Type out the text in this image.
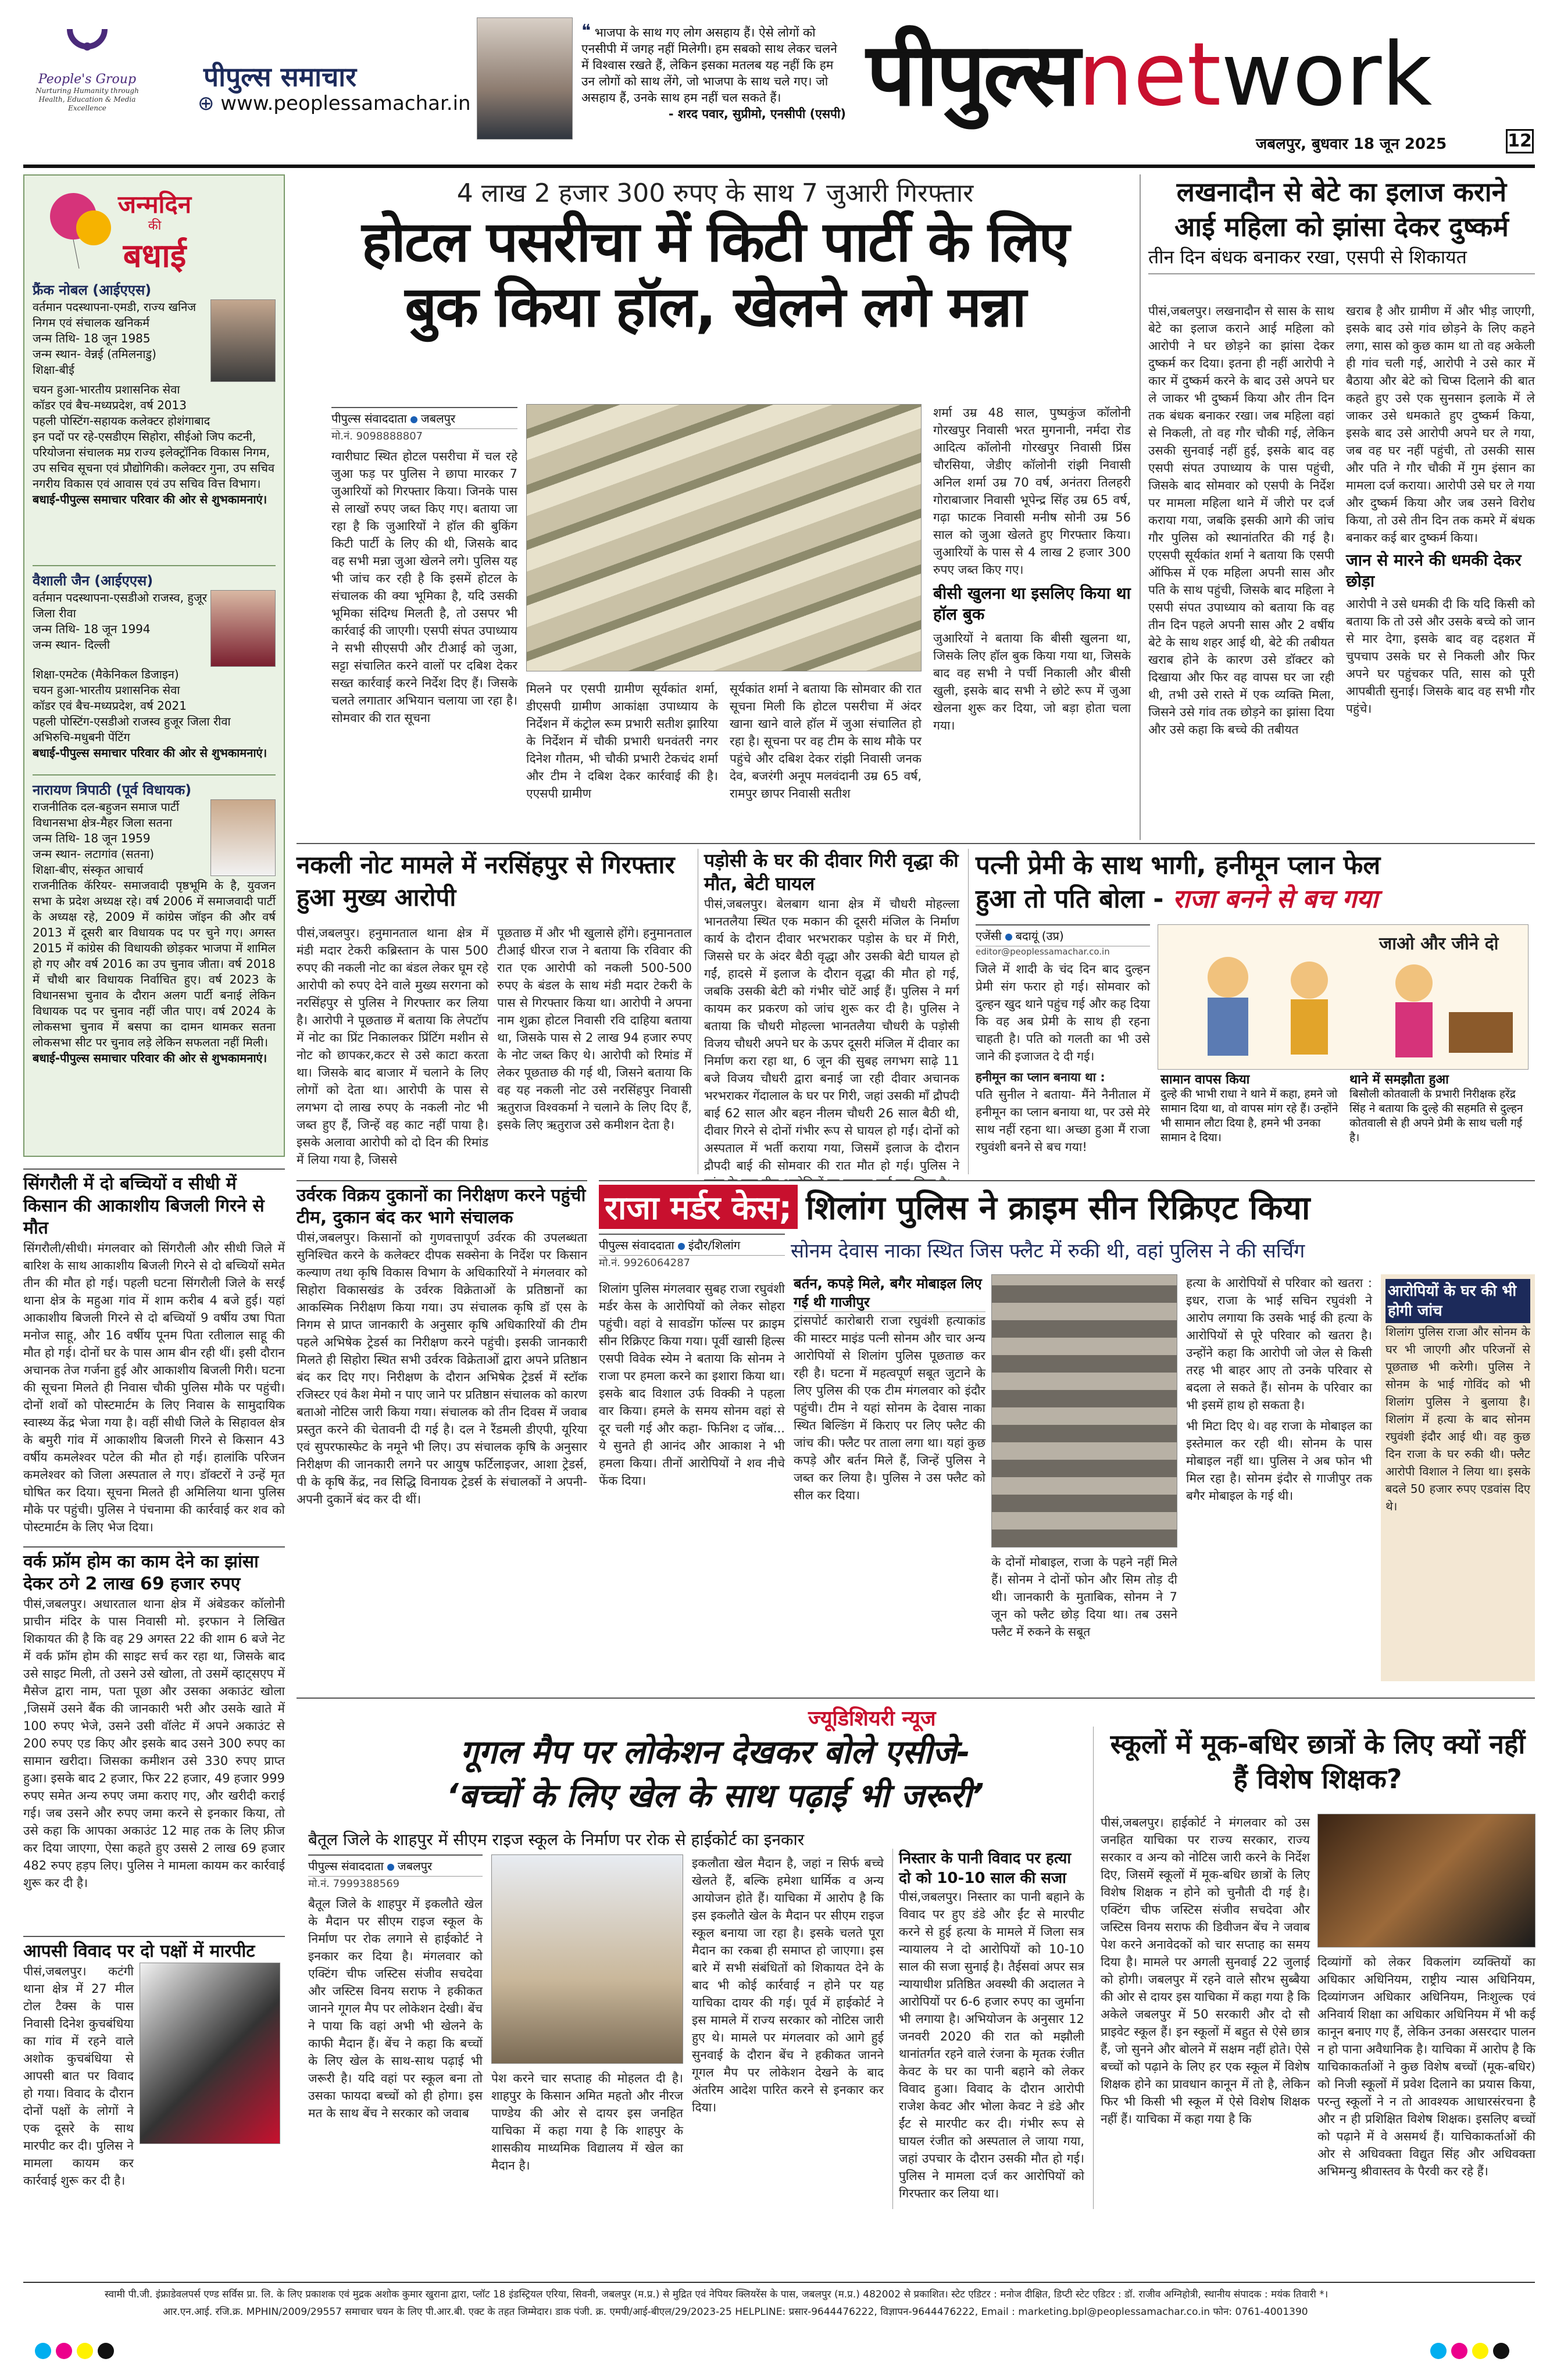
People's Group
Nurturing Humanity through Health, Education & Media Excellence
पीपुल्स समाचार
⊕ www.peoplessamachar.in
❝ भाजपा के साथ गए लोग असहाय हैं। ऐसे लोगों को एनसीपी में जगह नहीं मिलेगी। हम सबको साथ लेकर चलने में विश्वास रखते हैं, लेकिन इसका मतलब यह नहीं कि हम उन लोगों को साथ लेंगे, जो भाजपा के साथ चले गए। जो असहाय हैं, उनके साथ हम नहीं चल सकते हैं।
- शरद पवार, सुप्रीमो, एनसीपी (एसपी) पीपुल्सnetwork
जबलपुर, बुधवार 18 जून 2025	12
जन्मदिन
की
बधाई
फ्रैंक नोबल (आईएएस)
वर्तमान पदस्थापना-एमडी, राज्य खनिज निगम एवं संचालक खनिकर्म
जन्म तिथि- 18 जून 1985
जन्म स्थान- वेन्नई (तमिलनाडु)
शिक्षा-बीई
चयन हुआ-भारतीय प्रशासनिक सेवा
कॉडर एवं बैच-मध्यप्रदेश, वर्ष 2013
पहली पोस्टिंग-सहायक कलेक्टर होशंगाबाद
इन पदों पर रहे-एसडीएम सिहोरा, सीईओ जिप कटनी, परियोजना संचालक मप्र राज्य इलेक्ट्रॉनिक विकास निगम, उप सचिव सूचना एवं प्रौद्योगिकी। कलेक्टर गुना, उप सचिव नगरीय विकास एवं आवास एवं उप सचिव वित्त विभाग।
बधाई-पीपुल्स समाचार परिवार की ओर से शुभकामनाएं।
वैशाली जैन (आईएएस)
वर्तमान पदस्थापना-एसडीओ राजस्व, हुजूर जिला रीवा
जन्म तिथि- 18 जून 1994
जन्म स्थान- दिल्ली
शिक्षा-एमटेक (मैकेनिकल डिजाइन)
चयन हुआ-भारतीय प्रशासनिक सेवा
कॉडर एवं बैच-मध्यप्रदेश, वर्ष 2021
पहली पोस्टिंग-एसडीओ राजस्व हुजूर जिला रीवा
अभिरुचि-मधुबनी पेंटिंग
बधाई-पीपुल्स समाचार परिवार की ओर से शुभकामनाएं।
नारायण त्रिपाठी (पूर्व विधायक)
राजनीतिक दल-बहुजन समाज पार्टी
विधानसभा क्षेत्र-मैहर जिला सतना
जन्म तिथि- 18 जून 1959
जन्म स्थान- लटागांव (सतना)
शिक्षा-बीए, संस्कृत आचार्य
राजनीतिक कॅरियर- समाजवादी पृष्ठभूमि के है, युवजन सभा के प्रदेश अध्यक्ष रहे। वर्ष 2006 में समाजवादी पार्टी के अध्यक्ष रहे, 2009 में कांग्रेस जॉइन की और वर्ष 2013 में दूसरी बार विधायक पद पर चुने गए। अगस्त 2015 में कांग्रेस की विधायकी छोड़कर भाजपा में शामिल हो गए और वर्ष 2016 का उप चुनाव जीता। वर्ष 2018 में चौथी बार विधायक निर्वाचित हुए। वर्ष 2023 के विधानसभा चुनाव के दौरान अलग पार्टी बनाई लेकिन विधायक पद पर चुनाव नहीं जीत पाए। वर्ष 2024 के लोकसभा चुनाव में बसपा का दामन थामकर सतना लोकसभा सीट पर चुनाव लड़े लेकिन सफलता नहीं मिली।
बधाई-पीपुल्स समाचार परिवार की ओर से शुभकामनाएं।
4 लाख 2 हजार 300 रुपए के साथ 7 जुआरी गिरफ्तार
होटल पसरीचा में किटी पार्टी के लिए
बुक किया हॉल, खेलने लगे मन्ना
पीपुल्स संवाददाता जबलपुर
मो.नं. 9098888807
ग्वारीघाट स्थित होटल पसरीचा में चल रहे जुआ फड़ पर पुलिस ने छापा मारकर 7 जुआरियों को गिरफ्तार किया। जिनके पास से लाखों रुपए जब्त किए गए। बताया जा रहा है कि जुआरियों ने हॉल की बुकिंग किटी पार्टी के लिए की थी, जिसके बाद वह सभी मन्ना जुआ खेलने लगे। पुलिस यह भी जांच कर रही है कि इसमें होटल के संचालक की क्या भूमिका है, यदि उसकी भूमिका संदिग्ध मिलती है, तो उसपर भी कार्रवाई की जाएगी। एसपी संपत उपाध्याय ने सभी सीएसपी और टीआई को जुआ, सट्टा संचालित करने वालों पर दबिश देकर सख्त कार्रवाई करने निर्देश दिए हैं। जिसके चलते लगातार अभियान चलाया जा रहा है। सोमवार की रात सूचना
मिलने पर एसपी ग्रामीण सूर्यकांत शर्मा, डीएसपी ग्रामीण आकांक्षा उपाध्याय के निर्देशन में कंट्रोल रूम प्रभारी सतीश झारिया के निर्देशन में चौकी प्रभारी धनवंतरी नगर दिनेश गौतम, भी चौकी प्रभारी टेकचंद शर्मा और टीम ने दबिश देकर कार्रवाई की है। एएसपी ग्रामीण
सूर्यकांत शर्मा ने बताया कि सोमवार की रात सूचना मिली कि होटल पसरीचा में अंदर खाना खाने वाले हॉल में जुआ संचालित हो रहा है। सूचना पर वह टीम के साथ मौके पर पहुंचे और दबिश देकर रांझी निवासी जनक देव, बजरंगी अनूप मलवंदानी उम्र 65 वर्ष, रामपुर छापर निवासी सतीश

शर्मा उम्र 48 साल, पुष्पकुंज कॉलोनी गोरखपुर निवासी भरत मुगनानी, नर्मदा रोड आदित्य कॉलोनी गोरखपुर निवासी प्रिंस चौरसिया, जेडीए कॉलोनी रांझी निवासी अनिल शर्मा उम्र 70 वर्ष, अनंतरा तिलहरी गोराबाजार निवासी भूपेन्द्र सिंह उम्र 65 वर्ष, गढ़ा फाटक निवासी मनीष सोनी उम्र 56 साल को जुआ खेलते हुए गिरफ्तार किया। जुआरियों के पास से 4 लाख 2 हजार 300 रुपए जब्त किए गए।

बीसी खुलना था इसलिए किया था हॉल बुक

जुआरियों ने बताया कि बीसी खुलना था, जिसके लिए हॉल बुक किया गया था, जिसके बाद वह सभी ने पर्ची निकाली और बीसी खुली, इसके बाद सभी ने छोटे रूप में जुआ खेलना शुरू कर दिया, जो बड़ा होता चला गया।

लखनादौन से बेटे का इलाज कराने
आई महिला को झांसा देकर दुष्कर्म
तीन दिन बंधक बनाकर रखा, एसपी से शिकायत
पीसं,जबलपुर। लखनादौन से सास के साथ बेटे का इलाज कराने आई महिला को आरोपी ने घर छोड़ने का झांसा देकर दुष्कर्म कर दिया। इतना ही नहीं आरोपी ने कार में दुष्कर्म करने के बाद उसे अपने घर ले जाकर भी दुष्कर्म किया और तीन दिन तक बंधक बनाकर रखा। जब महिला वहां से निकली, तो वह गौर चौकी गई, लेकिन उसकी सुनवाई नहीं हुई, इसके बाद वह एसपी संपत उपाध्याय के पास पहुंची, जिसके बाद सोमवार को एसपी के निर्देश पर मामला महिला थाने में जीरो पर दर्ज कराया गया, जबकि इसकी आगे की जांच गौर पुलिस को स्थानांतरित की गई है। एएसपी सूर्यकांत शर्मा ने बताया कि एसपी ऑफिस में एक महिला अपनी सास और पति के साथ पहुंची, जिसके बाद महिला ने एसपी संपत उपाध्याय को बताया कि वह तीन दिन पहले अपनी सास और 2 वर्षीय बेटे के साथ शहर आई थी, बेटे की तबीयत खराब होने के कारण उसे डॉक्टर को दिखाया और फिर वह वापस घर जा रही थी, तभी उसे रास्ते में एक व्यक्ति मिला, जिसने उसे गांव तक छोड़ने का झांसा दिया और उसे कहा कि बच्चे की तबीयत

खराब है और ग्रामीण में और भीड़ जाएगी, इसके बाद उसे गांव छोड़ने के लिए कहने लगा, सास को कुछ काम था तो वह अकेली ही गांव चली गई, आरोपी ने उसे कार में बैठाया और बेटे को चिप्स दिलाने की बात कहते हुए उसे एक सुनसान इलाके में ले जाकर उसे धमकाते हुए दुष्कर्म किया, इसके बाद उसे आरोपी अपने घर ले गया, जब वह घर नहीं पहुंची, तो उसकी सास और पति ने गौर चौकी में गुम इंसान का मामला दर्ज कराया। आरोपी उसे घर ले गया और दुष्कर्म किया और जब उसने विरोध किया, तो उसे तीन दिन तक कमरे में बंधक बनाकर कई बार दुष्कर्म किया।

जान से मारने की धमकी देकर छोड़ा

आरोपी ने उसे धमकी दी कि यदि किसी को बताया कि तो उसे और उसके बच्चे को जान से मार देगा, इसके बाद वह दहशत में चुपचाप उसके घर से निकली और फिर अपने घर पहुंचकर पति, सास को पूरी आपबीती सुनाई। जिसके बाद वह सभी गौर पहुंचे।

नकली नोट मामले में नरसिंहपुर से गिरफ्तार हुआ मुख्य आरोपी
पीसं,जबलपुर। हनुमानताल थाना क्षेत्र में मंडी मदार टेकरी कब्रिस्तान के पास 500 रुपए की नकली नोट का बंडल लेकर घूम रहे आरोपी को रुपए देने वाले मुख्य सरगना को नरसिंहपुर से पुलिस ने गिरफ्तार कर लिया है। आरोपी ने पूछताछ में बताया कि लेपटॉप में नोट का प्रिंट निकालकर प्रिंटिंग मशीन से नोट को छापकर,कटर से उसे काटा करता था। जिसके बाद बाजार में चलाने के लिए लोगों को देता था। आरोपी के पास से लगभग दो लाख रुपए के नकली नोट भी जब्त हुए हैं, जिन्हें वह काट नहीं पाया है। इसके अलावा आरोपी को दो दिन की रिमांड में लिया गया है, जिससे
पूछताछ में और भी खुलासे होंगे। हनुमानताल टीआई धीरज राज ने बताया कि रविवार की रात एक आरोपी को नकली 500-500 रुपए के बंडल के साथ मंडी मदार टेकरी के पास से गिरफ्तार किया था। आरोपी ने अपना नाम शुक्रा होटल निवासी रवि दाहिया बताया था, जिसके पास से 2 लाख 94 हजार रुपए के नोट जब्त किए थे। आरोपी को रिमांड में लेकर पूछताछ की गई थी, जिसने बताया कि वह यह नकली नोट उसे नरसिंहपुर निवासी ऋतुराज विश्वकर्मा ने चलाने के लिए दिए हैं, इसके लिए ऋतुराज उसे कमीशन देता है।
पड़ोसी के घर की दीवार गिरी वृद्धा की मौत, बेटी घायल
पीसं,जबलपुर। बेलबाग थाना क्षेत्र में चौधरी मोहल्ला भानतलैया स्थित एक मकान की दूसरी मंजिल के निर्माण कार्य के दौरान दीवार भरभराकर पड़ोस के घर में गिरी, जिससे घर के अंदर बैठी वृद्धा और उसकी बेटी घायल हो गईं, हादसे में इलाज के दौरान वृद्धा की मौत हो गई, जबकि उसकी बेटी को गंभीर चोटें आई हैं। पुलिस ने मर्ग कायम कर प्रकरण को जांच शुरू कर दी है। पुलिस ने बताया कि चौधरी मोहल्ला भानतलैया चौधरी के पड़ोसी विजय चौधरी अपने घर के ऊपर दूसरी मंजिल में दीवार का निर्माण करा रहा था, 6 जून की सुबह लगभग साढ़े 11 बजे विजय चौधरी द्वारा बनाई जा रही दीवार अचानक भरभराकर गेंदालाल के घर पर गिरी, जहां उसकी माँ द्रौपदी बाई 62 साल और बहन नीलम चौधरी 26 साल बैठी थी, दीवार गिरने से दोनों गंभीर रूप से घायल हो गईं। दोनों को अस्पताल में भर्ती कराया गया, जिसमें इलाज के दौरान द्रौपदी बाई की सोमवार की रात मौत हो गई। पुलिस ने
पत्नी प्रेमी के साथ भागी, हनीमून प्लान फेल
हुआ तो पति बोला - राजा बनने से बच गया
एजेंसी बदायूं (उप्र)
editor@peoplessamachar.co.in

जिले में शादी के चंद दिन बाद दुल्हन प्रेमी संग फरार हो गई। सोमवार को दुल्हन खुद थाने पहुंच गई और कह दिया कि वह अब प्रेमी के साथ ही रहना चाहती है। पति को गलती का भी उसे जाने की इजाजत दे दी गई।

हनीमून का प्लान बनाया था :

पति सुनील ने बताया- मैंने नैनीताल में हनीमून का प्लान बनाया था, पर उसे मेरे साथ नहीं रहना था। अच्छा हुआ मैं राजा रघुवंशी बनने से बच गया!

जाओ और जीने दो
सामान वापस किया
दुल्हे की भाभी राधा ने थाने में कहा, हमने जो सामान दिया था, वो वापस मांग रहे हैं। उन्होंने भी सामान लौटा दिया है, हमने भी उनका सामान दे दिया।
थाने में समझौता हुआ
बिसौली कोतवाली के प्रभारी निरीक्षक हरेंद्र सिंह ने बताया कि दुल्हे की सहमति से दुल्हन कोतवाली से ही अपने प्रेमी के साथ चली गई है।
सिंगरौली में दो बच्चियों व सीधी में किसान की आकाशीय बिजली गिरने से मौत
सिंगरौली/सीधी। मंगलवार को सिंगरौली और सीधी जिले में बारिश के साथ आकाशीय बिजली गिरने से दो बच्चियों समेत तीन की मौत हो गई। पहली घटना सिंगरौली जिले के सरई थाना क्षेत्र के महुआ गांव में शाम करीब 4 बजे हुई। यहां आकाशीय बिजली गिरने से दो बच्चियों 9 वर्षीय उषा पिता मनोज साहू, और 16 वर्षीय पूनम पिता रतीलाल साहू की मौत हो गई। दोनों घर के पास आम बीन रही थीं। इसी दौरान अचानक तेज गर्जना हुई और आकाशीय बिजली गिरी। घटना की सूचना मिलते ही निवास चौकी पुलिस मौके पर पहुंची। दोनों शवों को पोस्टमार्टम के लिए निवास के सामुदायिक स्वास्थ्य केंद्र भेजा गया है। वहीं सीधी जिले के सिहावल क्षेत्र के बमुरी गांव में आकाशीय बिजली गिरने से किसान 43 वर्षीय कमलेश्वर पटेल की मौत हो गई। हालांकि परिजन कमलेश्वर को जिला अस्पताल ले गए। डॉक्टरों ने उन्हें मृत घोषित कर दिया। सूचना मिलते ही अमिलिया थाना पुलिस मौके पर पहुंची। पुलिस ने पंचनामा की कार्रवाई कर शव को पोस्टमार्टम के लिए भेज दिया।
वर्क फ्रॉम होम का काम देने का झांसा देकर ठगे 2 लाख 69 हजार रुपए
पीसं,जबलपुर। अधारताल थाना क्षेत्र में अंबेडकर कॉलोनी प्राचीन मंदिर के पास निवासी मो. इरफान ने लिखित शिकायत की है कि वह 29 अगस्त 22 की शाम 6 बजे नेट में वर्क फ्रॉम होम की साइट सर्च कर रहा था, जिसके बाद उसे साइट मिली, तो उसने उसे खोला, तो उसमें व्हाट्सएप में मैसेज द्वारा नाम, पता पूछा और उसका अकाउंट खोला ,जिसमें उसने बैंक की जानकारी भरी और उसके खाते में 100 रुपए भेजे, उसने उसी वॉलेट में अपने अकाउंट से 200 रुपए एड किए और इसके बाद उसने 300 रुपए का सामान खरीदा। जिसका कमीशन उसे 330 रुपए प्राप्त हुआ। इसके बाद 2 हजार, फिर 22 हजार, 49 हजार 999 रुपए समेत अन्य रुपए जमा कराए गए, और खरीदी कराई गई। जब उसने और रुपए जमा करने से इनकार किया, तो उसे कहा कि आपका अकाउंट 12 माह तक के लिए फ्रीज कर दिया जाएगा, ऐसा कहते हुए उससे 2 लाख 69 हजार 482 रुपए हड़प लिए। पुलिस ने मामला कायम कर कार्रवाई शुरू कर दी है।
आपसी विवाद पर दो पक्षों में मारपीट
पीसं,जबलपुर। कटंगी थाना क्षेत्र में 27 मील टोल टैक्स के पास निवासी दिनेश कुचबंधिया का गांव में रहने वाले अशोक कुचबंधिया से आपसी बात पर विवाद हो गया। विवाद के दौरान दोनों पक्षों के लोगों ने एक दूसरे के साथ मारपीट कर दी। पुलिस ने मामला कायम कर कार्रवाई शुरू कर दी है।
उर्वरक विक्रय दुकानों का निरीक्षण करने पहुंची टीम, दुकान बंद कर भागे संचालक
पीसं,जबलपुर। किसानों को गुणवत्तापूर्ण उर्वरक की उपलब्धता सुनिश्चित करने के कलेक्टर दीपक सक्सेना के निर्देश पर किसान कल्याण तथा कृषि विकास विभाग के अधिकारियों ने मंगलवार को सिहोरा विकासखंड के उर्वरक विक्रेताओं के प्रतिष्ठानों का आकस्मिक निरीक्षण किया गया। उप संचालक कृषि डॉ एस के निगम से प्राप्त जानकारी के अनुसार कृषि अधिकारियों की टीम पहले अभिषेक ट्रेडर्स का निरीक्षण करने पहुंची। इसकी जानकारी मिलते ही सिहोरा स्थित सभी उर्वरक विक्रेताओं द्वारा अपने प्रतिष्ठान बंद कर दिए गए। निरीक्षण के दौरान अभिषेक ट्रेडर्स में स्टॉक रजिस्टर एवं कैश मेमो न पाए जाने पर प्रतिष्ठान संचालक को कारण बताओ नोटिस जारी किया गया। संचालक को तीन दिवस में जवाब प्रस्तुत करने की चेतावनी दी गई है। दल ने रैंडमली डीएपी, यूरिया एवं सुपरफास्फेट के नमूने भी लिए। उप संचालक कृषि के अनुसार निरीक्षण की जानकारी लगने पर आयुष फर्टिलाइजर, आशा ट्रेडर्स, पी के कृषि केंद्र, नव सिद्धि विनायक ट्रेडर्स के संचालकों ने अपनी-अपनी दुकानें बंद कर दी थीं।
राजा मर्डर केस; शिलांग पुलिस ने क्राइम सीन रिक्रिएट किया
पीपुल्स संवाददाता इंदौर/शिलांग
मो.नं. 9926064287
सोनम देवास नाका स्थित जिस फ्लैट में रुकी थी, वहां पुलिस ने की सर्चिंग
शिलांग पुलिस मंगलवार सुबह राजा रघुवंशी मर्डर केस के आरोपियों को लेकर सोहरा पहुंची। वहां वे सावडोंग फॉल्स पर क्राइम सीन रिक्रिएट किया गया। पूर्वी खासी हिल्स एसपी विवेक स्येम ने बताया कि सोनम ने राजा पर हमला करने का इशारा किया था। इसके बाद विशाल उर्फ विक्की ने पहला वार किया। हमले के समय सोनम वहां से दूर चली गई और कहा- फिनिश द जॉब... ये सुनते ही आनंद और आकाश ने भी हमला किया। तीनों आरोपियों ने शव नीचे फेंक दिया।
बर्तन, कपड़े मिले, बगैर मोबाइल लिए गई थी गाजीपुर
ट्रांसपोर्ट कारोबारी राजा रघुवंशी हत्याकांड की मास्टर माइंड पत्नी सोनम और चार अन्य आरोपियों से शिलांग पुलिस पूछताछ कर रही है। घटना में महत्वपूर्ण सबूत जुटाने के लिए पुलिस की एक टीम मंगलवार को इंदौर पहुंची। टीम ने यहां सोनम के देवास नाका स्थित बिल्डिंग में किराए पर लिए फ्लैट की जांच की। फ्लैट पर ताला लगा था। यहां कुछ कपड़े और बर्तन मिले हैं, जिन्हें पुलिस ने जब्त कर लिया है। पुलिस ने उस फ्लैट को सील कर दिया।
के दोनों मोबाइल, राजा के पहने नहीं मिले हैं। सोनम ने दोनों फोन और सिम तोड़ दी थी। जानकारी के मुताबिक, सोनम ने 7 जून को फ्लैट छोड़ दिया था। तब उसने फ्लैट में रुकने के सबूत

हत्या के आरोपियों से परिवार को खतरा : इधर, राजा के भाई सचिन रघुवंशी ने आरोप लगाया कि उसके भाई की हत्या के आरोपियों से पूरे परिवार को खतरा है। उन्होंने कहा कि आरोपी जो जेल से किसी तरह भी बाहर आए तो उनके परिवार से बदला ले सकते हैं। सोनम के परिवार का भी इसमें हाथ हो सकता है।

भी मिटा दिए थे। वह राजा के मोबाइल का इस्तेमाल कर रही थी। सोनम के पास मोबाइल नहीं था। पुलिस ने अब फोन भी मिल रहा है। सोनम इंदौर से गाजीपुर तक बगैर मोबाइल के गई थी।

आरोपियों के घर की भी होगी जांच
शिलांग पुलिस राजा और सोनम के घर भी जाएगी और परिजनों से पूछताछ भी करेगी। पुलिस ने सोनम के भाई गोविंद को भी शिलांग पुलिस ने बुलाया है। शिलांग में हत्या के बाद सोनम रघुवंशी इंदौर आई थी। वह कुछ दिन राजा के घर रुकी थी। फ्लैट आरोपी विशाल ने लिया था। इसके बदले 50 हजार रुपए एडवांस दिए थे।
ज्यूडिशियरी न्यूज
गूगल मैप पर लोकेशन देखकर बोले एसीजे-
‘बच्चों के लिए खेल के साथ पढ़ाई भी जरूरी’
बैतूल जिले के शाहपुर में सीएम राइज स्कूल के निर्माण पर रोक से हाईकोर्ट का इनकार
पीपुल्स संवाददाता जबलपुर
मो.नं. 7999388569
बैतूल जिले के शाहपुर में इकलौते खेल के मैदान पर सीएम राइज स्कूल के निर्माण पर रोक लगाने से हाईकोर्ट ने इनकार कर दिया है। मंगलवार को एक्टिंग चीफ जस्टिस संजीव सचदेवा और जस्टिस विनय सराफ ने हकीकत जानने गूगल मैप पर लोकेशन देखी। बेंच ने पाया कि वहां अभी भी खेलने के काफी मैदान हैं। बेंच ने कहा कि बच्चों के लिए खेल के साथ-साथ पढ़ाई भी जरूरी है। यदि वहां पर स्कूल बना तो उसका फायदा बच्चों को ही होगा। इस मत के साथ बेंच ने सरकार को जवाब
पेश करने चार सप्ताह की मोहलत दी है। शाहपुर के किसान अमित महतो और नीरज पाण्डेय की ओर से दायर इस जनहित याचिका में कहा गया है कि शाहपुर के शासकीय माध्यमिक विद्यालय में खेल का मैदान है।
इकलौता खेल मैदान है, जहां न सिर्फ बच्चे खेलते हैं, बल्कि हमेशा धार्मिक व अन्य आयोजन होते हैं। याचिका में आरोप है कि इस इकलौते खेल के मैदान पर सीएम राइज स्कूल बनाया जा रहा है। इसके चलते पूरा मैदान का रकबा ही समाप्त हो जाएगा। इस बारे में सभी संबंधितों को शिकायत देने के बाद भी कोई कार्रवाई न होने पर यह याचिका दायर की गई। पूर्व में हाईकोर्ट ने इस मामले में राज्य सरकार को नोटिस जारी हुए थे। मामले पर मंगलवार को आगे हुई सुनवाई के दौरान बेंच ने हकीकत जानने गूगल मैप पर लोकेशन देखने के बाद अंतरिम आदेश पारित करने से इनकार कर दिया।
निस्तार के पानी विवाद पर हत्या दो को 10-10 साल की सजा
पीसं,जबलपुर। निस्तार का पानी बहाने के विवाद पर हुए डंडे और ईंट से मारपीट करने से हुई हत्या के मामले में जिला सत्र न्यायालय ने दो आरोपियों को 10-10 साल की सजा सुनाई है। तैईसवां अपर सत्र न्यायाधीश प्रतिष्ठित अवस्थी की अदालत ने आरोपियों पर 6-6 हजार रुपए का जुर्माना भी लगाया है। अभियोजन के अनुसार 12 जनवरी 2020 की रात को मझौली थानांतर्गत रहने वाले रंजना के मृतक रंजीत केवट के घर का पानी बहाने को लेकर विवाद हुआ। विवाद के दौरान आरोपी राजेश केवट और भोला केवट ने डंडे और ईंट से मारपीट कर दी। गंभीर रूप से घायल रंजीत को अस्पताल ले जाया गया, जहां उपचार के दौरान उसकी मौत हो गई। पुलिस ने मामला दर्ज कर आरोपियों को गिरफ्तार कर लिया था।
स्कूलों में मूक-बधिर छात्रों के लिए क्यों नहीं हैं विशेष शिक्षक?
पीसं,जबलपुर। हाईकोर्ट ने मंगलवार को उस जनहित याचिका पर राज्य सरकार, राज्य सरकार व अन्य को नोटिस जारी करने के निर्देश दिए, जिसमें स्कूलों में मूक-बधिर छात्रों के लिए विशेष शिक्षक न होने को चुनौती दी गई है। एक्टिंग चीफ जस्टिस संजीव सचदेवा और जस्टिस विनय सराफ की डिवीजन बेंच ने जवाब पेश करने अनावेदकों को चार सप्ताह का समय दिया है। मामले पर अगली सुनवाई 22 जुलाई को होगी। जबलपुर में रहने वाले सौरभ सुब्बैया की ओर से दायर इस याचिका में कहा गया है कि अकेले जबलपुर में 50 सरकारी और दो सौ प्राइवेट स्कूल हैं। इन स्कूलों में बहुत से ऐसे छात्र हैं, जो सुनने और बोलने में सक्षम नहीं होते। ऐसे बच्चों को पढ़ाने के लिए हर एक स्कूल में विशेष शिक्षक होने का प्रावधान कानून में तो है, लेकिन फिर भी किसी भी स्कूल में ऐसे विशेष शिक्षक नहीं हैं। याचिका में कहा गया है कि
दिव्यांगों को लेकर विकलांग व्यक्तियों का अधिकार अधिनियम, राष्ट्रीय न्यास अधिनियम, दिव्यांगजन अधिकार अधिनियम, निःशुल्क एवं अनिवार्य शिक्षा का अधिकार अधिनियम में भी कई कानून बनाए गए हैं, लेकिन उनका असरदार पालन न हो पाना अवैधानिक है। याचिका में आरोप है कि याचिकाकर्ताओं ने कुछ विशेष बच्चों (मूक-बधिर) को निजी स्कूलों में प्रवेश दिलाने का प्रयास किया, परन्तु स्कूलों ने न तो आवश्यक आधारसंरचना है और न ही प्रशिक्षित विशेष शिक्षक। इसलिए बच्चों को पढ़ाने में वे असमर्थ हैं। याचिकाकर्ताओं की ओर से अधिवक्ता विद्युत सिंह और अधिवक्ता अभिमन्यु श्रीवास्तव के पैरवी कर रहे हैं।
स्वामी पी.जी. इंफ्राडेवलपर्स एण्ड सर्विस प्रा. लि. के लिए प्रकाशक एवं मुद्रक अशोक कुमार खुराना द्वारा, प्लॉट 18 इंडस्ट्रियल एरिया, सिवनी, जबलपुर (म.प्र.) से मुद्रित एवं नेपियर क्लियरेंस के पास, जबलपुर (म.प्र.) 482002 से प्रकाशित। स्टेट एडिटर : मनोज दीक्षित, डिप्टी स्टेट एडिटर : डॉ. राजीव अग्निहोत्री, स्थानीय संपादक : मयंक तिवारी *।
आर.एन.आई. रजि.क्र. MPHIN/2009/29557 समाचार चयन के लिए पी.आर.बी. एक्ट के तहत जिम्मेदार। डाक पंजी. क्र. एमपी/आई-बीएल/29/2023-25 HELPLINE: प्रसार-9644476222, विज्ञापन-9644476222, Email : marketing.bpl@peoplessamachar.co.in फोन: 0761-4001390
